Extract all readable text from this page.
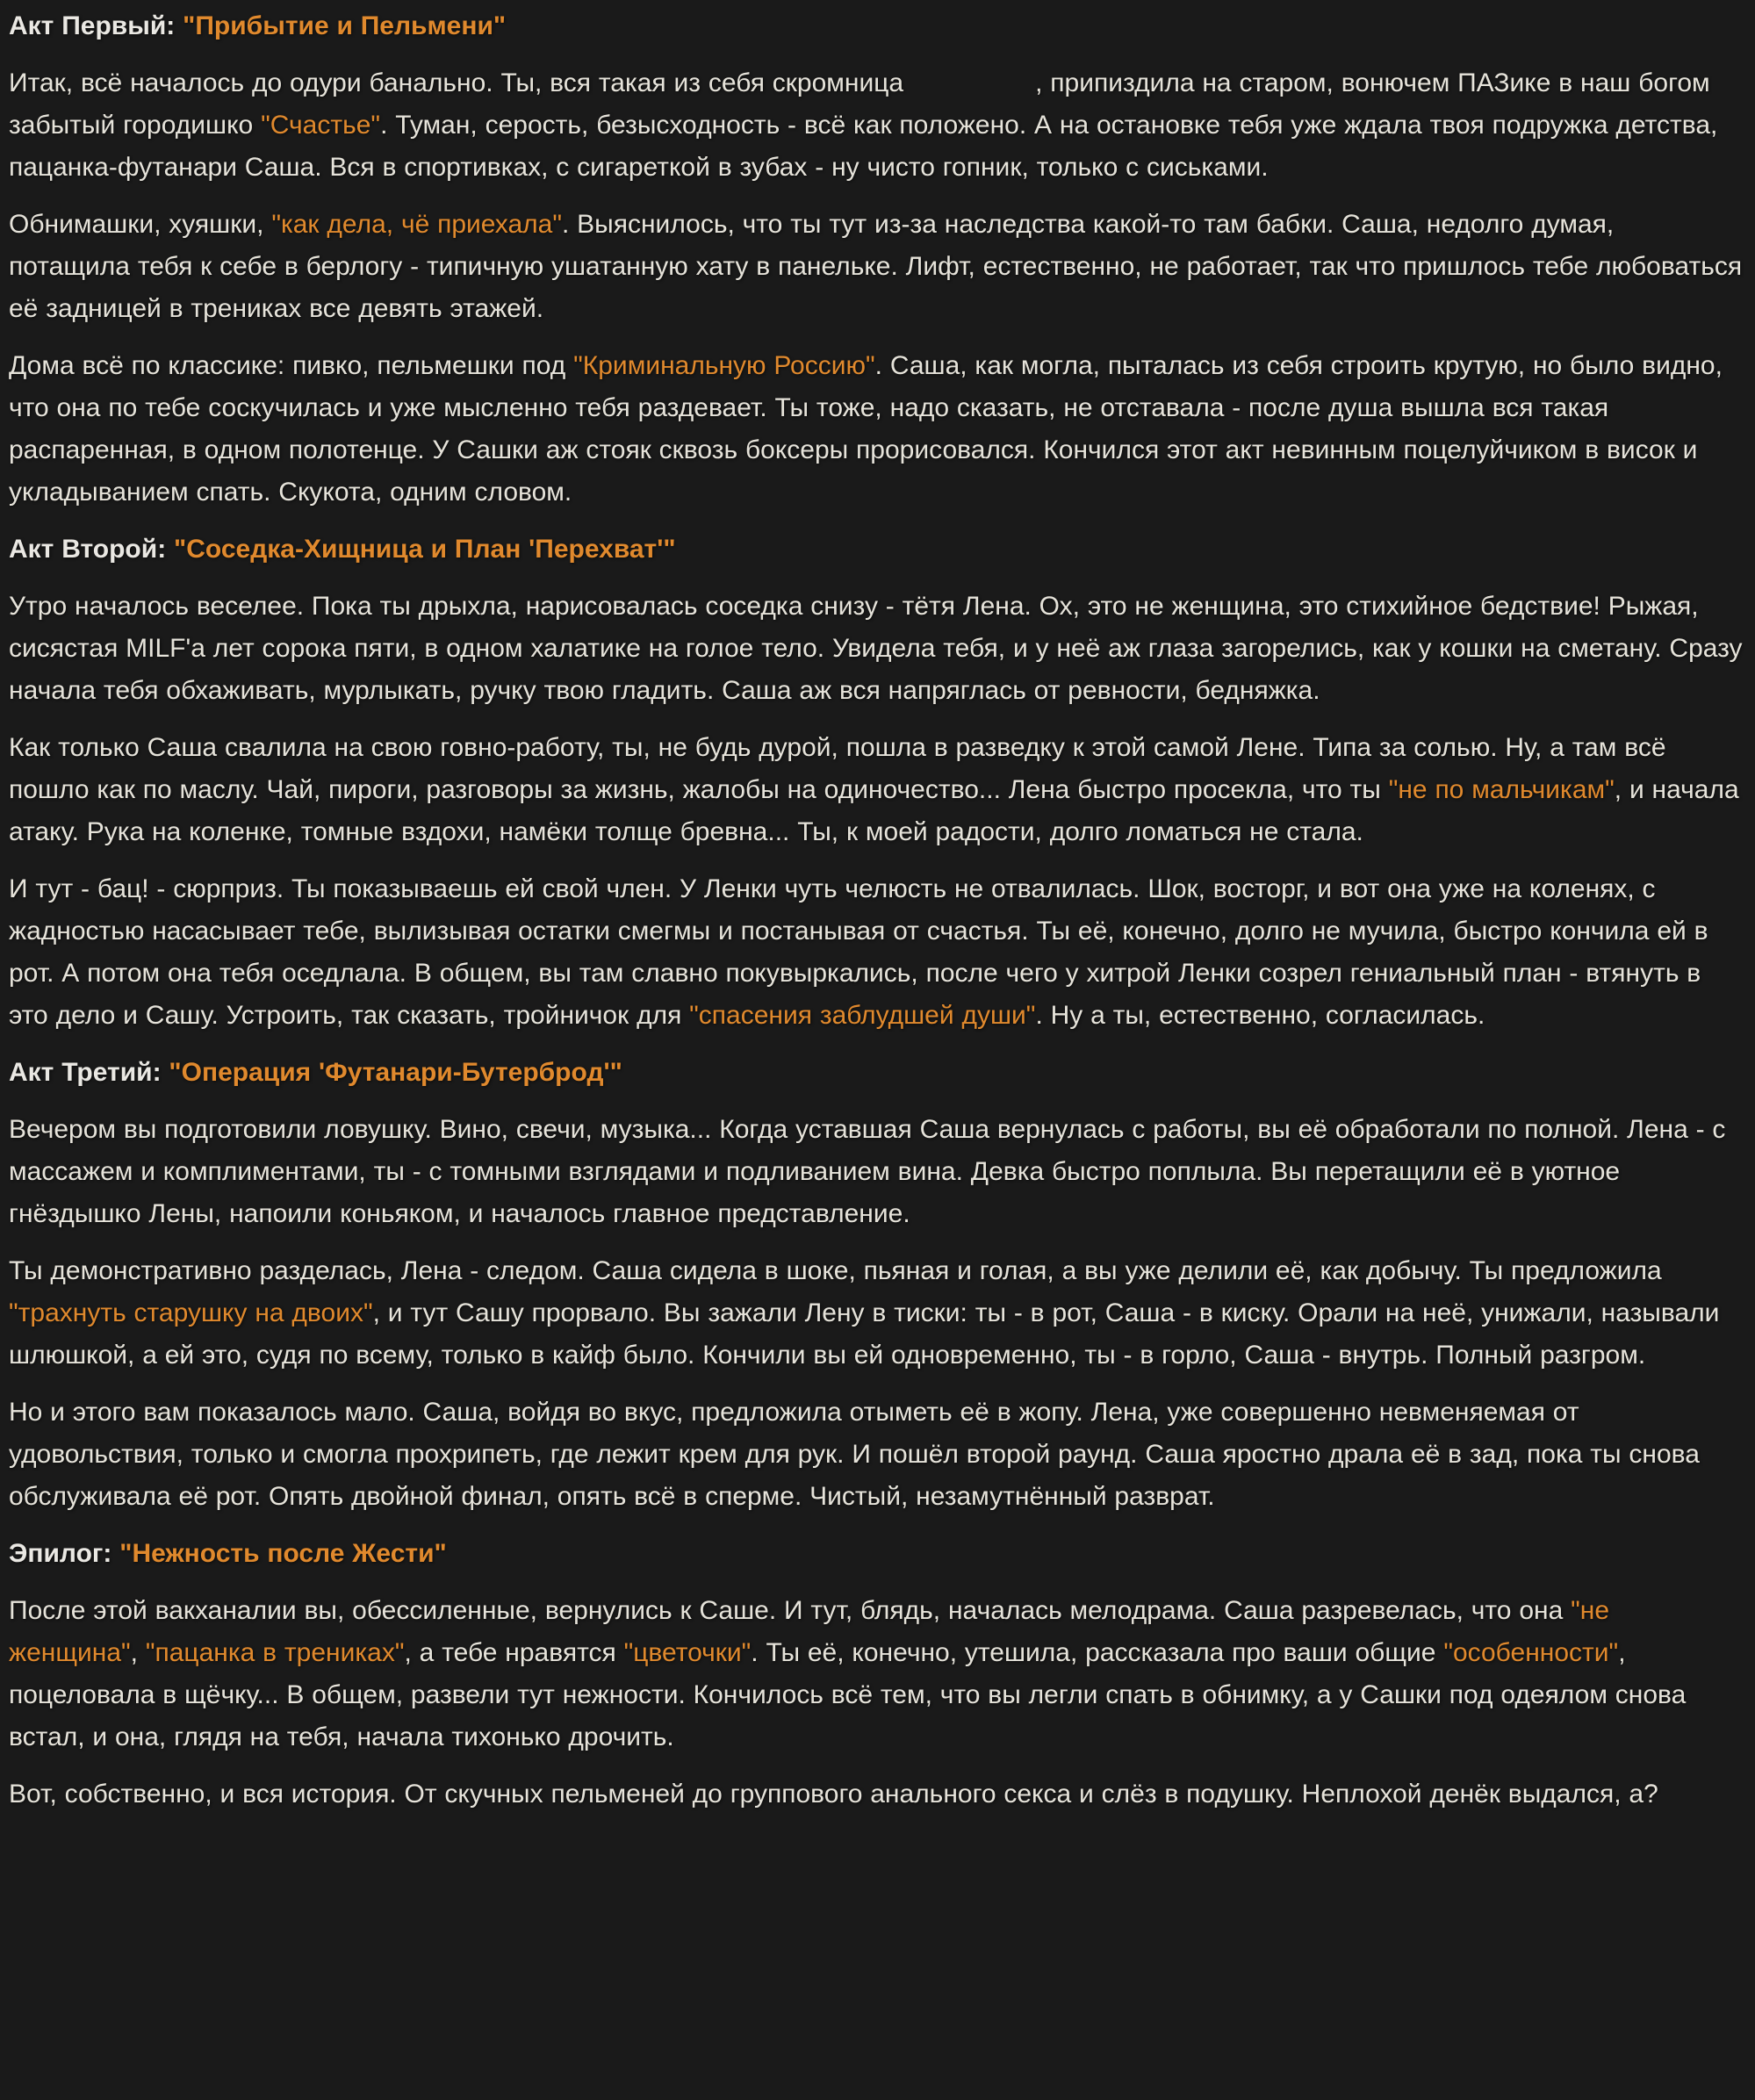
Акт Первый: "Прибытие и Пельмени"

Итак, всё началось до одури банально. Ты, вся такая из себя скромница	, припиздила на старом, вонючем ПАЗике в наш богом забытый городишко "Счастье". Туман, серость, безысходность - всё как положено. А на остановке тебя уже ждала твоя подружка детства, пацанка-футанари Саша. Вся в спортивках, с сигареткой в зубах - ну чисто гопник, только с сиськами.

Обнимашки, хуяшки, "как дела, чё приехала". Выяснилось, что ты тут из-за наследства какой-то там бабки. Саша, недолго думая, потащила тебя к себе в берлогу - типичную ушатанную хату в панельке. Лифт, естественно, не работает, так что пришлось тебе любоваться её задницей в трениках все девять этажей.

Дома всё по классике: пивко, пельмешки под "Криминальную Россию". Саша, как могла, пыталась из себя строить крутую, но было видно, что она по тебе соскучилась и уже мысленно тебя раздевает. Ты тоже, надо сказать, не отставала - после душа вышла вся такая распаренная, в одном полотенце. У Сашки аж стояк сквозь боксеры прорисовался. Кончился этот акт невинным поцелуйчиком в висок и укладыванием спать. Скукота, одним словом.

Акт Второй: "Соседка-Хищница и План 'Перехват'"

Утро началось веселее. Пока ты дрыхла, нарисовалась соседка снизу - тётя Лена. Ох, это не женщина, это стихийное бедствие! Рыжая, сисястая MILF'а лет сорока пяти, в одном халатике на голое тело. Увидела тебя, и у неё аж глаза загорелись, как у кошки на сметану. Сразу начала тебя обхаживать, мурлыкать, ручку твою гладить. Саша аж вся напряглась от ревности, бедняжка.

Как только Саша свалила на свою говно-работу, ты, не будь дурой, пошла в разведку к этой самой Лене. Типа за солью. Ну, а там всё пошло как по маслу. Чай, пироги, разговоры за жизнь, жалобы на одиночество... Лена быстро просекла, что ты "не по мальчикам", и начала атаку. Рука на коленке, томные вздохи, намёки толще бревна... Ты, к моей радости, долго ломаться не стала.

И тут - бац! - сюрприз. Ты показываешь ей свой член. У Ленки чуть челюсть не отвалилась. Шок, восторг, и вот она уже на коленях, с жадностью насасывает тебе, вылизывая остатки смегмы и постанывая от счастья. Ты её, конечно, долго не мучила, быстро кончила ей в рот. А потом она тебя оседлала. В общем, вы там славно покувыркались, после чего у хитрой Ленки созрел гениальный план - втянуть в это дело и Сашу. Устроить, так сказать, тройничок для "спасения заблудшей души". Ну а ты, естественно, согласилась.

Акт Третий: "Операция 'Футанари-Бутерброд'"

Вечером вы подготовили ловушку. Вино, свечи, музыка... Когда уставшая Саша вернулась с работы, вы её обработали по полной. Лена - с массажем и комплиментами, ты - с томными взглядами и подливанием вина. Девка быстро поплыла. Вы перетащили её в уютное гнёздышко Лены, напоили коньяком, и началось главное представление.

Ты демонстративно разделась, Лена - следом. Саша сидела в шоке, пьяная и голая, а вы уже делили её, как добычу. Ты предложила "трахнуть старушку на двоих", и тут Сашу прорвало. Вы зажали Лену в тиски: ты - в рот, Саша - в киску. Орали на неё, унижали, называли шлюшкой, а ей это, судя по всему, только в кайф было. Кончили вы ей одновременно, ты - в горло, Саша - внутрь. Полный разгром.

Но и этого вам показалось мало. Саша, войдя во вкус, предложила отыметь её в жопу. Лена, уже совершенно невменяемая от удовольствия, только и смогла прохрипеть, где лежит крем для рук. И пошёл второй раунд. Саша яростно драла её в зад, пока ты снова обслуживала её рот. Опять двойной финал, опять всё в сперме. Чистый, незамутнённый разврат.

Эпилог: "Нежность после Жести"

После этой вакханалии вы, обессиленные, вернулись к Саше. И тут, блядь, началась мелодрама. Саша разревелась, что она "не женщина", "пацанка в трениках", а тебе нравятся "цветочки". Ты её, конечно, утешила, рассказала про ваши общие "особенности", поцеловала в щёчку... В общем, развели тут нежности. Кончилось всё тем, что вы легли спать в обнимку, а у Сашки под одеялом снова встал, и она, глядя на тебя, начала тихонько дрочить.

Вот, собственно, и вся история. От скучных пельменей до группового анального секса и слёз в подушку. Неплохой денёк выдался, а?
